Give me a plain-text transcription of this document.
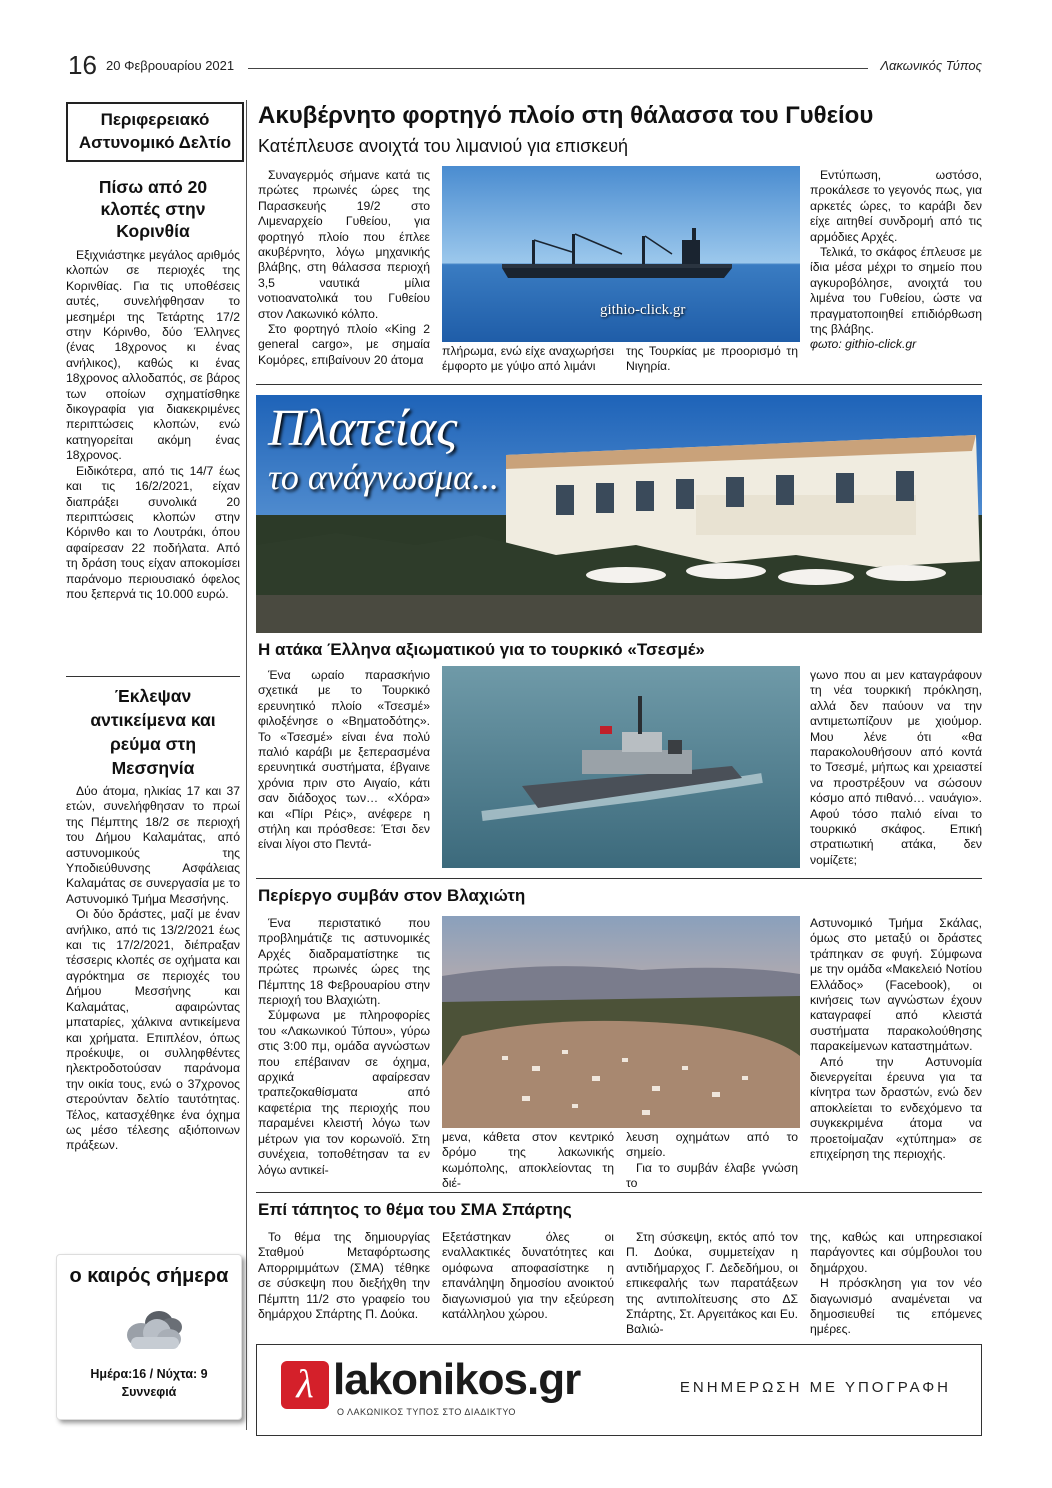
16 20 Φεβρουαρίου 2021	Λακωνικός Τύπος
Περιφερειακό Αστυνομικό Δελτίο
Πίσω από 20 κλοπές στην Κορινθία

Εξιχνιάστηκε μεγάλος αριθμός κλοπών σε περιοχές της Κορινθίας. Για τις υποθέσεις αυτές, συνελήφθησαν το μεσημέρι της Τετάρτης 17/2 στην Κόρινθο, δύο Έλληνες (ένας 18χρονος κι ένας ανήλικος), καθώς κι ένας 18χρονος αλλοδαπός, σε βάρος των οποίων σχηματίσθηκε δικογραφία για διακεκριμένες περιπτώσεις κλοπών, ενώ κατηγορείται ακόμη ένας 18χρονος.

Ειδικότερα, από τις 14/7 έως και τις 16/2/2021, είχαν διαπράξει συνολικά 20 περιπτώσεις κλοπών στην Κόρινθο και το Λουτράκι, όπου αφαίρεσαν 22 ποδήλατα. Από τη δράση τους είχαν αποκομίσει παράνομο περιουσιακό όφελος που ξεπερνά τις 10.000 ευρώ.

Έκλεψαν αντικείμενα και ρεύμα στη Μεσσηνία

Δύο άτομα, ηλικίας 17 και 37 ετών, συνελήφθησαν το πρωί της Πέμπτης 18/2 σε περιοχή του Δήμου Καλαμάτας, από αστυνομικούς της Υποδιεύθυνσης Ασφάλειας Καλαμάτας σε συνεργασία με το Αστυνομικό Τμήμα Μεσσήνης.

Οι δύο δράστες, μαζί με έναν ανήλικο, από τις 13/2/2021 έως και τις 17/2/2021, διέπραξαν τέσσερις κλοπές σε οχήματα και αγρόκτημα σε περιοχές του Δήμου Μεσσήνης και Καλαμάτας, αφαιρώντας μπαταρίες, χάλκινα αντικείμενα και χρήματα. Επιπλέον, όπως προέκυψε, οι συλληφθέντες ηλεκτροδοτούσαν παράνομα την οικία τους, ενώ ο 37χρονος στερούνταν δελτίο ταυτότητας. Τέλος, κατασχέθηκε ένα όχημα ως μέσο τέλεσης αξιόποινων πράξεων.

ο καιρός σήμερα
Ημέρα:16 / Νύχτα: 9
Συννεφιά
Ακυβέρνητο φορτηγό πλοίο στη θάλασσα του Γυθείου
Κατέπλευσε ανοιχτά του λιμανιού για επισκευή

Συναγερμός σήμανε κατά τις πρώτες πρωινές ώρες της Παρασκευής 19/2 στο Λιμεναρχείο Γυθείου, για φορτηγό πλοίο που έπλεε ακυβέρνητο, λόγω μηχανικής βλάβης, στη θάλασσα περιοχή 3,5 ναυτικά μίλια νοτιοανατολικά του Γυθείου στον Λακωνικό κόλπο.

Στο φορτηγό πλοίο «King 2 general cargo», με σημαία Κομόρες, επιβαίνουν 20 άτομα

githio-click.gr

πλήρωμα, ενώ είχε αναχωρήσει έμφορτο με γύψο από λιμάνι

της Τουρκίας με προορισμό τη Νιγηρία.

Εντύπωση, ωστόσο, προκάλεσε το γεγονός πως, για αρκετές ώρες, το καράβι δεν είχε αιτηθεί συνδρομή από τις αρμόδιες Αρχές.

Τελικά, το σκάφος έπλευσε με ίδια μέσα μέχρι το σημείο που αγκυροβόλησε, ανοιχτά του λιμένα του Γυθείου, ώστε να πραγματοποιηθεί επιδιόρθωση της βλάβης.

φωτο: githio-click.gr

Πλατείας
το ανάγνωσμα...
Η ατάκα Έλληνα αξιωματικού για το τουρκικό «Τσεσμέ»

Ένα ωραίο παρασκήνιο σχετικά με το Τουρκικό ερευνητικό πλοίο «Τσεσμέ» φιλοξένησε ο «Βηματοδότης». Το «Τσεσμέ» είναι ένα πολύ παλιό καράβι με ξεπερασμένα ερευνητικά συστήματα, έβγαινε χρόνια πριν στο Αιγαίο, κάτι σαν διάδοχος των… «Χόρα» και «Πίρι Ρέις», ανέφερε η στήλη και πρόσθεσε: Έτσι δεν είναι λίγοι στο Πεντά-

γωνο που αι μεν καταγράφουν τη νέα τουρκική πρόκληση, αλλά δεν παύουν να την αντιμετωπίζουν με χιούμορ. Μου λένε ότι «θα παρακολουθήσουν από κοντά το Τσεσμέ, μήπως και χρειαστεί να προστρέξουν να σώσουν κόσμο από πιθανό… ναυάγιο». Αφού τόσο παλιό είναι το τουρκικό σκάφος. Επική στρατιωτική ατάκα, δεν νομίζετε;

Περίεργο συμβάν στον Βλαχιώτη

Ένα περιστατικό που προβλημάτιζε τις αστυνομικές Αρχές διαδραματίστηκε τις πρώτες πρωινές ώρες της Πέμπτης 18 Φεβρουαρίου στην περιοχή του Βλαχιώτη.

Σύμφωνα με πληροφορίες του «Λακωνικού Τύπου», γύρω στις 3:00 πμ, ομάδα αγνώστων που επέβαιναν σε όχημα, αρχικά αφαίρεσαν τραπεζοκαθίσματα από καφετέρια της περιοχής που παραμένει κλειστή λόγω των μέτρων για τον κορωνοϊό. Στη συνέχεια, τοποθέτησαν τα εν λόγω αντικεί-

μενα, κάθετα στον κεντρικό δρόμο της λακωνικής κωμόπολης, αποκλείοντας τη διέ-

λευση οχημάτων από το σημείο.

Για το συμβάν έλαβε γνώση το

Αστυνομικό Τμήμα Σκάλας, όμως στο μεταξύ οι δράστες τράπηκαν σε φυγή. Σύμφωνα με την ομάδα «Μακελειό Νοτίου Ελλάδος» (Facebook), οι κινήσεις των αγνώστων έχουν καταγραφεί από κλειστά συστήματα παρακολούθησης παρακείμενων καταστημάτων.

Από την Αστυνομία διενεργείται έρευνα για τα κίνητρα των δραστών, ενώ δεν αποκλείεται το ενδεχόμενο τα συγκεκριμένα άτομα να προετοίμαζαν «χτύπημα» σε επιχείρηση της περιοχής.

Επί τάπητος το θέμα του ΣΜΑ Σπάρτης

Το θέμα της δημιουργίας Σταθμού Μεταφόρτωσης Απορριμμάτων (ΣΜΑ) τέθηκε σε σύσκεψη που διεξήχθη την Πέμπτη 11/2 στο γραφείο του δημάρχου Σπάρτης Π. Δούκα.

Εξετάστηκαν όλες οι εναλλακτικές δυνατότητες και ομόφωνα αποφασίστηκε η επανάληψη δημοσίου ανοικτού διαγωνισμού για την εξεύρεση κατάλληλου χώρου.

Στη σύσκεψη, εκτός από τον Π. Δούκα, συμμετείχαν η αντιδήμαρχος Γ. Δεδεδήμου, οι επικεφαλής των παρατάξεων της αντιπολίτευσης στο ΔΣ Σπάρτης, Στ. Αργειτάκος και Ευ. Βαλιώ-

της, καθώς και υπηρεσιακοί παράγοντες και σύμβουλοι του δημάρχου.

Η πρόσκληση για τον νέο διαγωνισμό αναμένεται να δημοσιευθεί τις επόμενες ημέρες.

λ lakonikos.gr
Ο ΛΑΚΩΝΙΚΟΣ ΤΥΠΟΣ ΣΤΟ ΔΙΑΔΙΚΤΥΟ
ΕΝΗΜΕΡΩΣΗ ΜΕ ΥΠΟΓΡΑΦΗ
